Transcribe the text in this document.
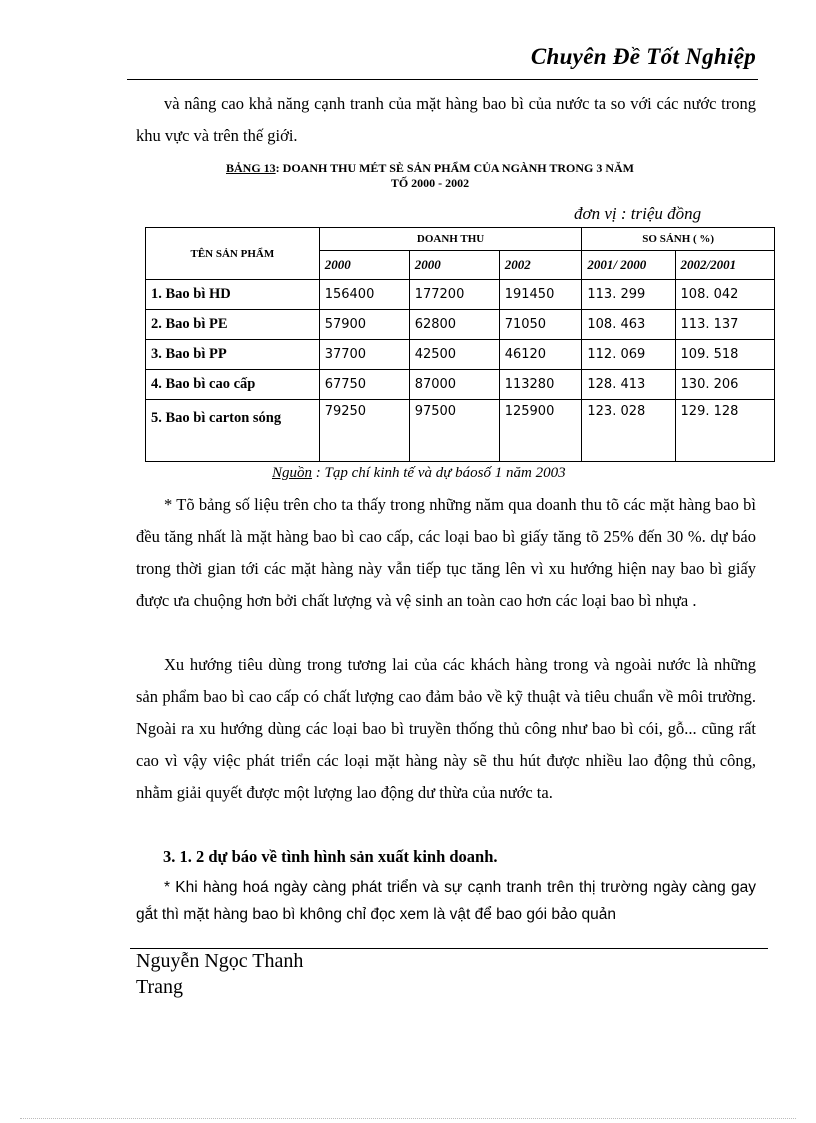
Chuyên Đề Tốt Nghiệp
và nâng cao khả năng cạnh tranh của mặt hàng bao bì của nước ta so với các nước trong khu vực và trên thế giới.
BẢNG 13: DOANH THU MÉT SÈ SẢN PHẨM CỦA NGÀNH TRONG 3 NĂM
TỐ 2000 - 2002
đơn vị : triệu đồng
TÊN SẢN PHẨM	DOANH THU			SO SÁNH ( %)	
	2000	2000	2002	2001/ 2000	2002/2001
1. Bao bì HD	156400	177200	191450	113. 299	108. 042
2. Bao bì PE	57900	62800	71050	108. 463	113. 137
3. Bao bì PP	37700	42500	46120	112. 069	109. 518
4. Bao bì cao cấp	67750	87000	113280	128. 413	130. 206
5. Bao bì carton sóng	79250	97500	125900	123. 028	129. 128
Nguồn : Tạp chí kinh tế và dự báosố 1 năm 2003
* Tõ bảng số liệu trên cho ta thấy trong những năm qua doanh thu tõ các mặt hàng bao bì đều tăng nhất là mặt hàng bao bì cao cấp, các loại bao bì giấy tăng tõ 25% đến 30 %. dự báo trong thời gian tới các mặt hàng này vẫn tiếp tục tăng lên vì xu hướng hiện nay bao bì giấy được ưa chuộng hơn bởi chất lượng và vệ sinh an toàn cao hơn các loại bao bì nhựa .
Xu hướng tiêu dùng trong tương lai của các khách hàng trong và ngoài nước là những sản phẩm bao bì cao cấp có chất lượng cao đảm bảo về kỹ thuật và tiêu chuẩn về môi trường. Ngoài ra xu hướng dùng các loại bao bì truyền thống thủ công như bao bì cói, gỗ... cũng rất cao vì vậy việc phát triển các loại mặt hàng này sẽ thu hút được nhiều lao động thủ công, nhằm giải quyết được một lượng lao động dư thừa của nước ta.
3. 1. 2 dự báo về tình hình sản xuất kinh doanh.
* Khi hàng hoá ngày càng phát triển và sự cạnh tranh trên thị trường ngày càng gay gắt thì mặt hàng bao bì không chỉ đọc xem là vật để bao gói bảo quản
Nguyễn Ngọc Thanh
Trang
